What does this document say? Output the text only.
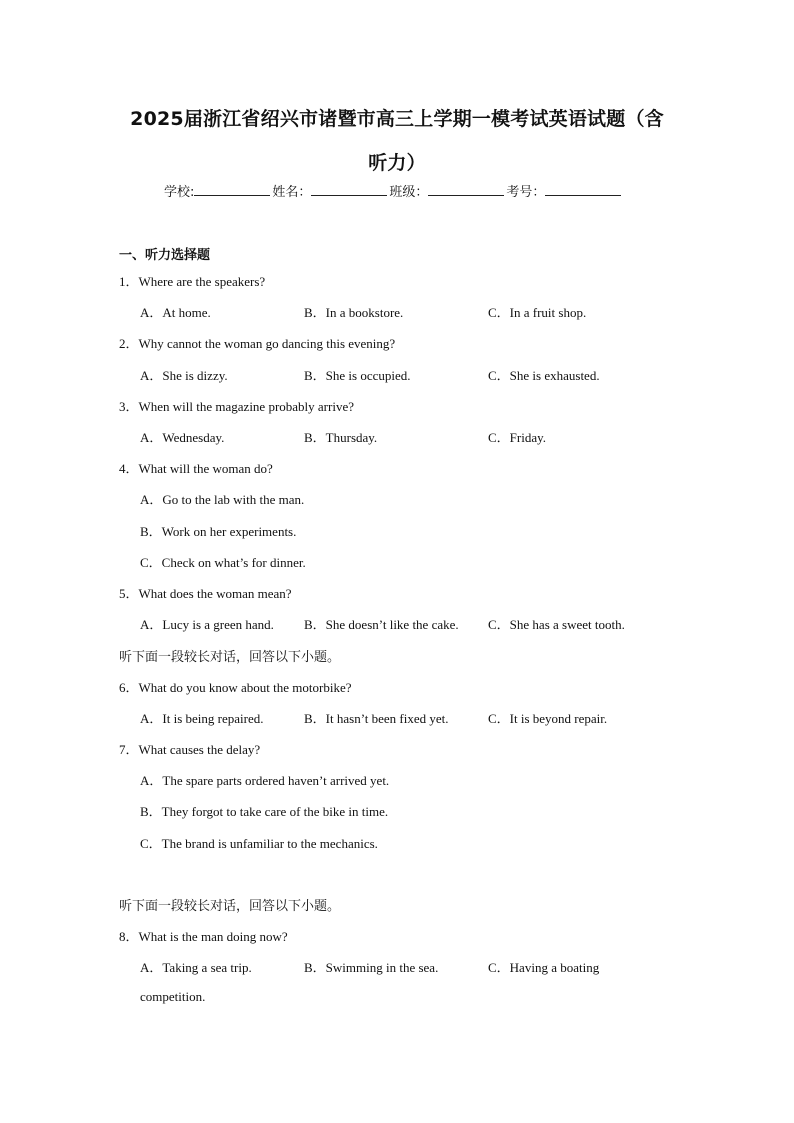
2025届浙江省绍兴市诸暨市高三上学期一模考试英语试题（含
听力）
学校:	姓名：	班级：	考号：
一、听力选择题
1．Where are the speakers?
A．At home.	B．In a bookstore.	C．In a fruit shop.
2．Why cannot the woman go dancing this evening?
A．She is dizzy.	B．She is occupied.	C．She is exhausted.
3．When will the magazine probably arrive?
A．Wednesday.	B．Thursday.	C．Friday.
4．What will the woman do?
A．Go to the lab with the man.
B．Work on her experiments.
C．Check on what’s for dinner.
5．What does the woman mean?
A．Lucy is a green hand. B．She doesn’t like the cake. C．She has a sweet tooth.
听下面一段较长对话，回答以下小题。
6．What do you know about the motorbike?
A．It is being repaired.	B．It hasn’t been fixed yet.	C．It is beyond repair.
7．What causes the delay?
A．The spare parts ordered haven’t arrived yet.
B．They forgot to take care of the bike in time.
C．The brand is unfamiliar to the mechanics.
听下面一段较长对话，回答以下小题。
8．What is the man doing now?
A．Taking a sea trip.	B．Swimming in the sea.	C．Having a boating
competition.
